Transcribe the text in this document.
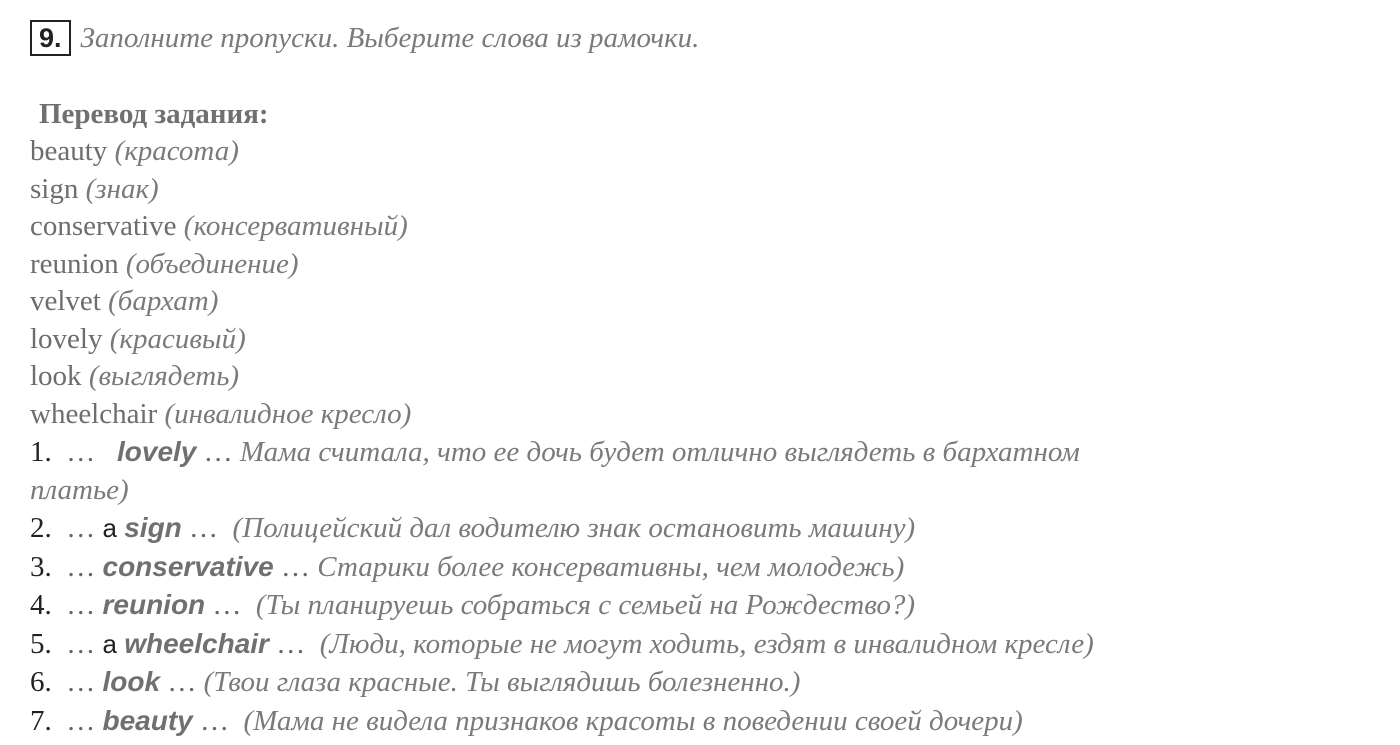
9. Заполните пропуски. Выберите слова из рамочки.
Перевод задания:
beauty (красота)
sign (знак)
conservative (консервативный)
reunion (объединение)
velvet (бархат)
lovely (красивый)
look (выглядеть)
wheelchair (инвалидное кресло)
1. … lovely … Мама считала, что ее дочь будет отлично выглядеть в бархатном
платье)
2. … a sign … (Полицейский дал водителю знак остановить машину)
3. … conservative … Старики более консервативны, чем молодежь)
4. … reunion … (Ты планируешь собраться с семьей на Рождество?)
5. … a wheelchair … (Люди, которые не могут ходить, ездят в инвалидном кресле)
6. … look … (Твои глаза красные. Ты выглядишь болезненно.)
7. … beauty … (Мама не видела признаков красоты в поведении своей дочери)
